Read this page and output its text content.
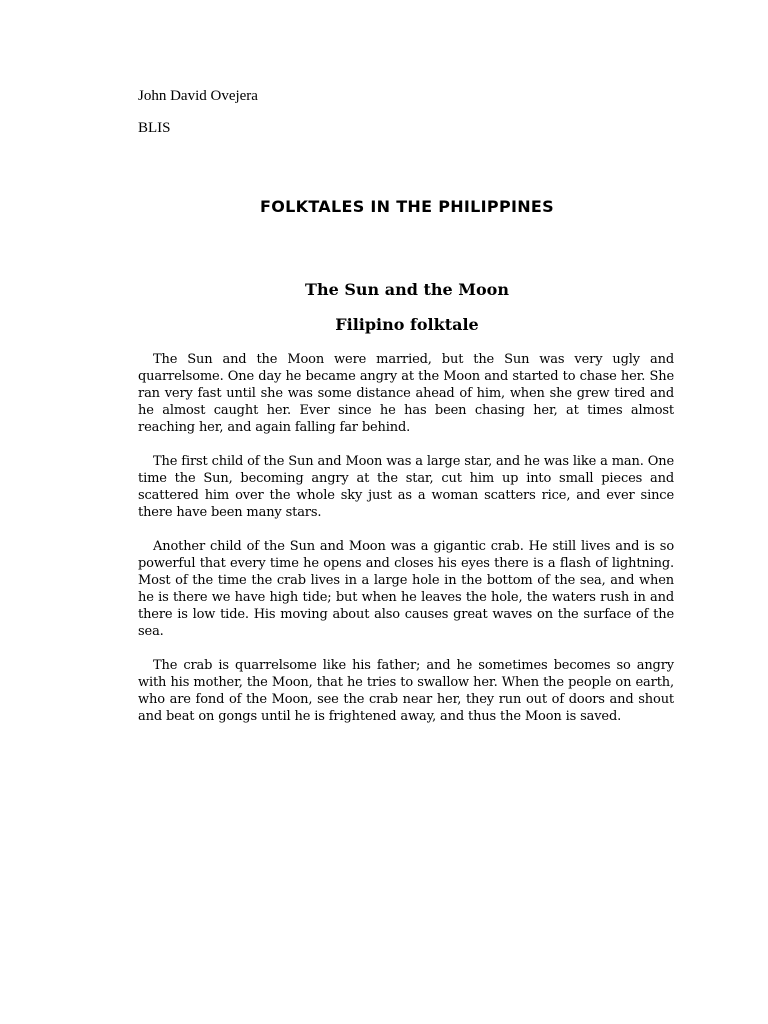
John David Ovejera
BLIS
FOLKTALES IN THE PHILIPPINES
The Sun and the Moon
Filipino folktale

The Sun and the Moon were married, but the Sun was very ugly and quarrelsome. One day he became angry at the Moon and started to chase her. She ran very fast until she was some distance ahead of him, when she grew tired and he almost caught her. Ever since he has been chasing her, at times almost reaching her, and again falling far behind.

The first child of the Sun and Moon was a large star, and he was like a man. One time the Sun, becoming angry at the star, cut him up into small pieces and scattered him over the whole sky just as a woman scatters rice, and ever since there have been many stars.

Another child of the Sun and Moon was a gigantic crab. He still lives and is so powerful that every time he opens and closes his eyes there is a flash of lightning. Most of the time the crab lives in a large hole in the bottom of the sea, and when he is there we have high tide; but when he leaves the hole, the waters rush in and there is low tide. His moving about also causes great waves on the surface of the sea.

The crab is quarrelsome like his father; and he sometimes becomes so angry with his mother, the Moon, that he tries to swallow her. When the people on earth, who are fond of the Moon, see the crab near her, they run out of doors and shout and beat on gongs until he is frightened away, and thus the Moon is saved.
